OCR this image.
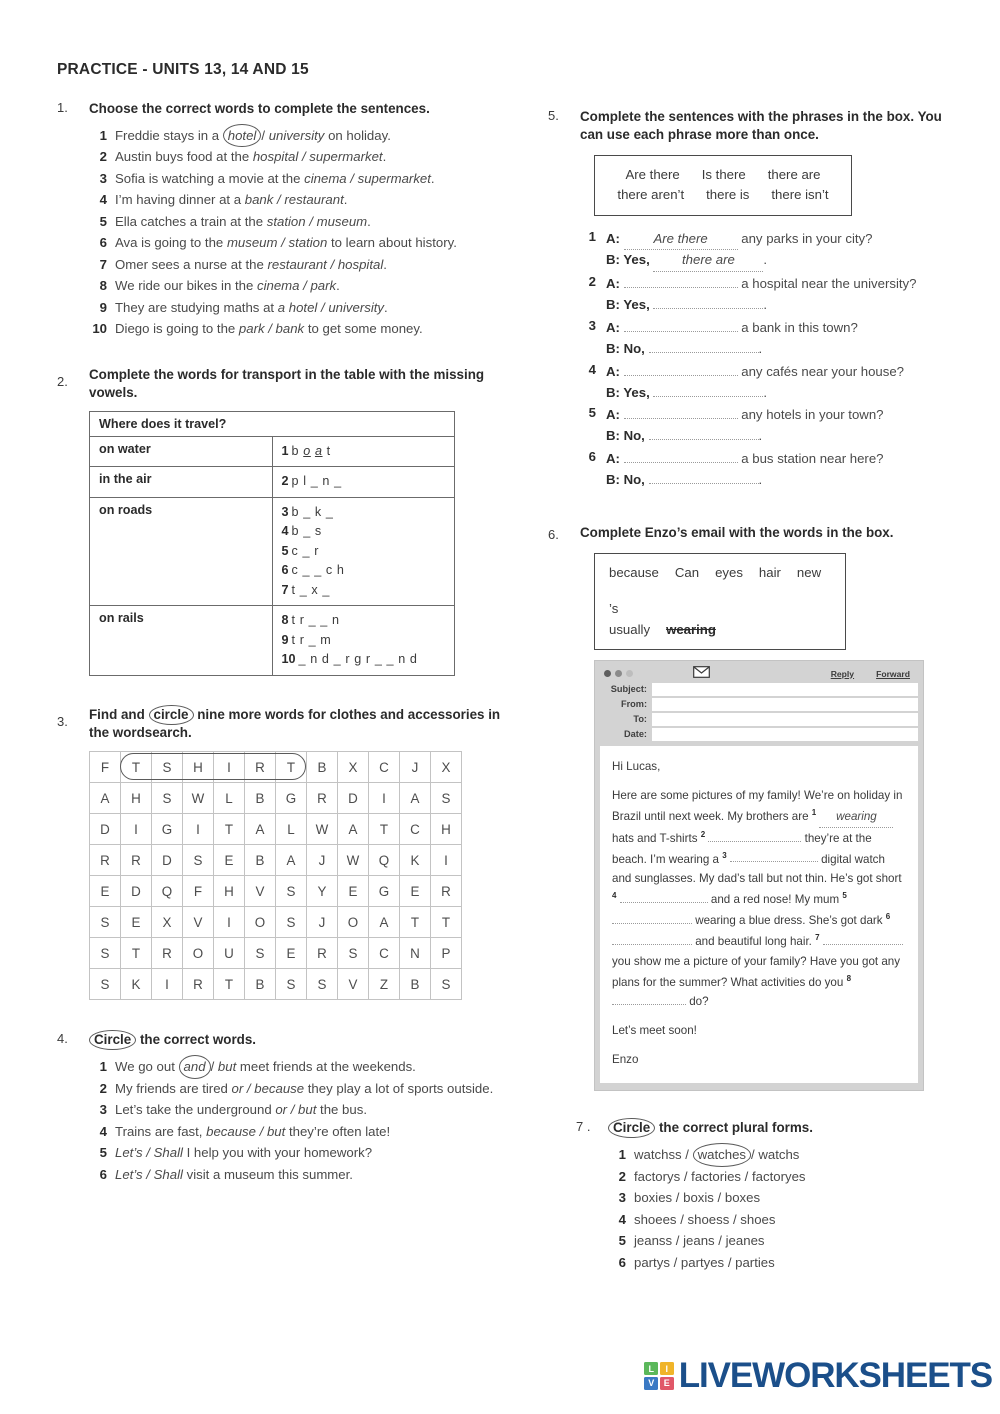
PRACTICE - UNITS 13, 14 AND 15
1.	Choose the correct words to complete the sentences.
1 Freddie stays in a hotel / university on holiday.
2 Austin buys food at the hospital / supermarket.
3 Sofia is watching a movie at the cinema / supermarket.
4 I’m having dinner at a bank / restaurant.
5 Ella catches a train at the station / museum.
6 Ava is going to the museum / station to learn about history.
7 Omer sees a nurse at the restaurant / hospital.
8 We ride our bikes in the cinema / park.
9 They are studying maths at a hotel / university.
10 Diego is going to the park / bank to get some money.
2.	Complete the words for transport in the table with the missing vowels.
Where does it travel?	
on water	1 b o a t

in the air	2 p l _ n _

on roads	3 b _ k _
4 b _ s
5 c _ r
6 c _ _ c h
7 t _ x _

on rails	8 t r _ _ n
9 t r _ m
10 _ n d _ r g r _ _ n d
3.	Find and circle nine more words for clothes and accessories in the wordsearch.
F	T	S	H	I	R	T	B	X	C	J	X
A	H	S	W	L	B	G	R	D	I	A	S
D	I	G	I	T	A	L	W	A	T	C	H
R	R	D	S	E	B	A	J	W	Q	K	I
E	D	Q	F	H	V	S	Y	E	G	E	R
S	E	X	V	I	O	S	J	O	A	T	T
S	T	R	O	U	S	E	R	S	C	N	P
S	K	I	R	T	B	S	S	V	Z	B	S
4.	Circle the correct words.
1 We go out and / but meet friends at the weekends.
2 My friends are tired or / because they play a lot of sports outside.
3 Let’s take the underground or / but the bus.
4 Trains are fast, because / but they’re often late!
5 Let’s / Shall I help you with your homework?
6 Let’s / Shall visit a museum this summer.
5.	Complete the sentences with the phrases in the box. You can use each phrase more than once.
Are there Is there there are
there aren’t there is there isn’t
1 A:	Are there	any parks in your city?
B: Yes, there are .
2 A:	a hospital near the university?
B: Yes,	.
3 A:	a bank in this town?
B: No,	.
4 A:	any cafés near your house?
B: Yes,	.
5 A:	any hotels in your town?
B: No,	.
6 A:	a bus station near here?
B: No,	.
6.	Complete Enzo’s email with the words in the box.
because Can eyes hair new
’s
usually wearing
Reply	Forward
Subject:
From:
To:
Date:

Hi Lucas,

Here are some pictures of my family! We’re on holiday in Brazil until next week. My brothers are $^1$ wearing hats and T-shirts $^2$	they’re at the beach. I’m wearing a $^3$	digital watch and sunglasses. My dad’s tall but not thin. He’s got short $^4$	and a red nose! My mum $^5$  wearing a blue dress. She’s got dark $^6$  and beautiful long hair. $^7$  you show me a picture of your family? Have you got any plans for the summer? What activities do you $^8$  do?

Let’s meet soon!

Enzo

7 .	Circle the correct plural forms.
1 watchss / watches / watchs
2 factorys / factories / factoryes
3 boxies / boxis / boxes
4 shoees / shoess / shoes
5 jeanss / jeans / jeanes
6 partys / partyes / parties
L	I
V	E LIVEWORKSHEETS
